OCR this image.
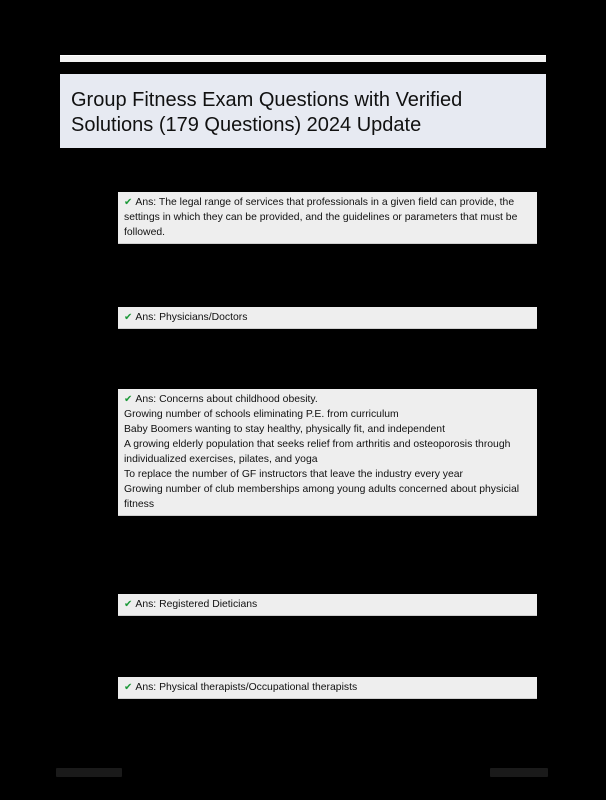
Group Fitness Exam Questions with Verified
Solutions (179 Questions) 2024 Update
✔ Ans: The legal range of services that professionals in a given field can provide, the settings in which they can be provided, and the guidelines or parameters that must be followed.
✔ Ans: Physicians/Doctors
✔ Ans: Concerns about childhood obesity.
Growing number of schools eliminating P.E. from curriculum
Baby Boomers wanting to stay healthy, physically fit, and independent
A growing elderly population that seeks relief from arthritis and osteoporosis through individualized exercises, pilates, and yoga
To replace the number of GF instructors that leave the industry every year
Growing number of club memberships among young adults concerned about physicial fitness
✔ Ans: Registered Dieticians
✔ Ans: Physical therapists/Occupational therapists
